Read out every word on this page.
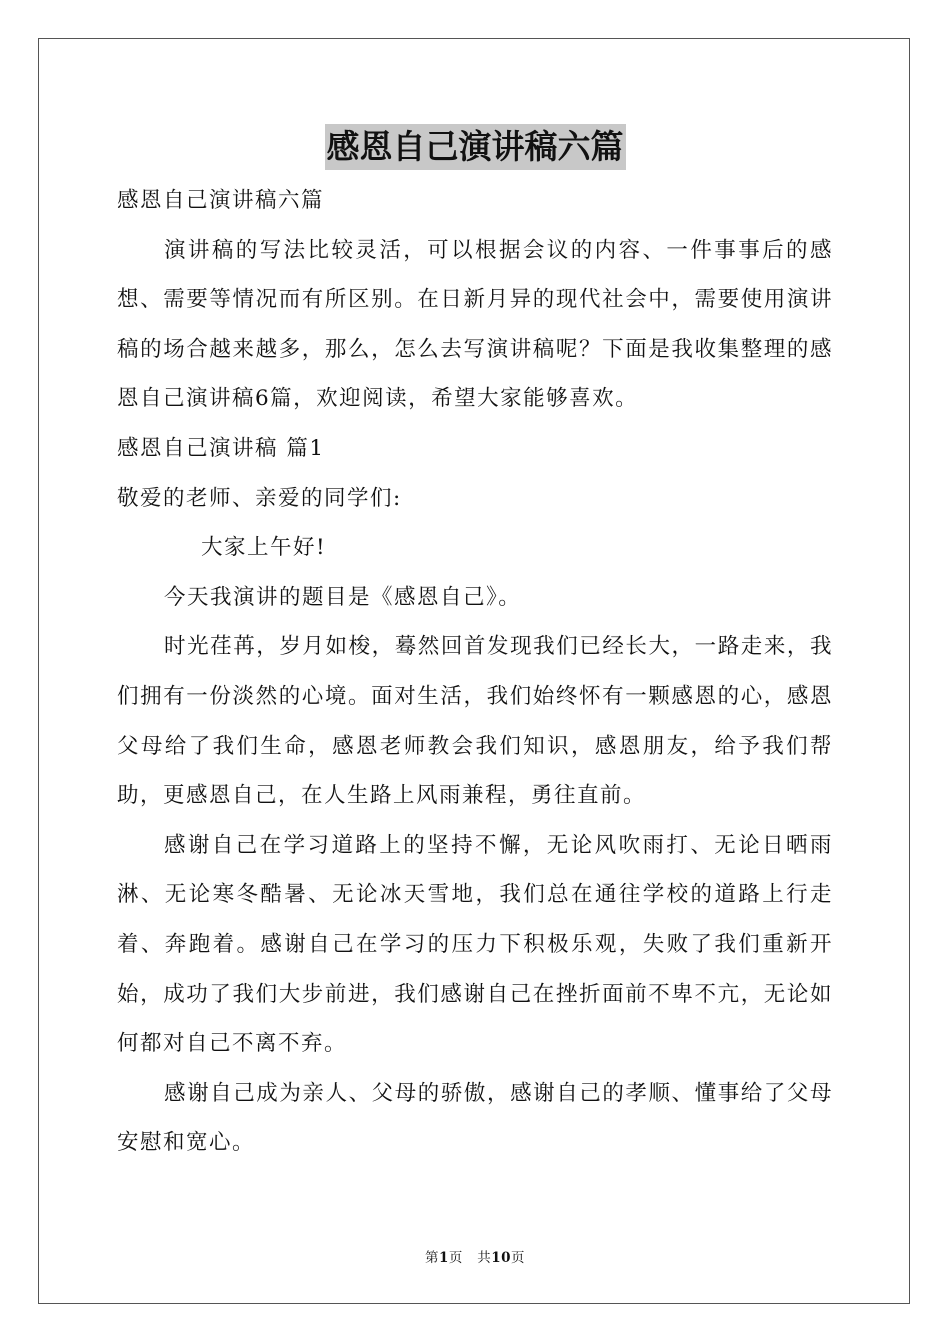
感恩自己演讲稿六篇

感恩自己演讲稿六篇

演讲稿的写法比较灵活，可以根据会议的内容、一件事事后的感想、需要等情况而有所区别。在日新月异的现代社会中，需要使用演讲稿的场合越来越多，那么，怎么去写演讲稿呢？下面是我收集整理的感恩自己演讲稿6篇，欢迎阅读，希望大家能够喜欢。

感恩自己演讲稿 篇1

敬爱的老师、亲爱的同学们:

大家上午好!

今天我演讲的题目是《感恩自己》。

时光荏苒，岁月如梭，蓦然回首发现我们已经长大，一路走来，我们拥有一份淡然的心境。面对生活，我们始终怀有一颗感恩的心，感恩父母给了我们生命，感恩老师教会我们知识，感恩朋友，给予我们帮助，更感恩自己，在人生路上风雨兼程，勇往直前。

感谢自己在学习道路上的坚持不懈，无论风吹雨打、无论日晒雨淋、无论寒冬酷暑、无论冰天雪地，我们总在通往学校的道路上行走着、奔跑着。感谢自己在学习的压力下积极乐观，失败了我们重新开始，成功了我们大步前进，我们感谢自己在挫折面前不卑不亢，无论如何都对自己不离不弃。

感谢自己成为亲人、父母的骄傲，感谢自己的孝顺、懂事给了父母安慰和宽心。

第1页 共10页
